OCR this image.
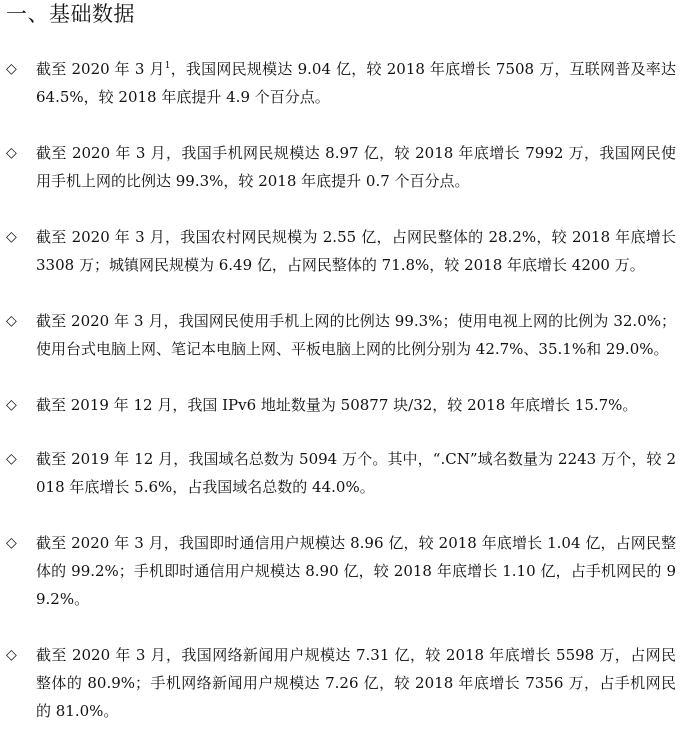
一、基础数据
◇	截至 2020 年 3 月$^1$，我国网民规模达 9.04 亿，较 2018 年底增长 7508 万，互联网普及率达 64.5%，较 2018 年底提升 4.9 个百分点。
◇	截至 2020 年 3 月，我国手机网民规模达 8.97 亿，较 2018 年底增长 7992 万，我国网民使用手机上网的比例达 99.3%，较 2018 年底提升 0.7 个百分点。
◇	截至 2020 年 3 月，我国农村网民规模为 2.55 亿，占网民整体的 28.2%，较 2018 年底增长 3308 万；城镇网民规模为 6.49 亿，占网民整体的 71.8%，较 2018 年底增长 4200 万。
◇	截至 2020 年 3 月，我国网民使用手机上网的比例达 99.3%；使用电视上网的比例为 32.0%；使用台式电脑上网、笔记本电脑上网、平板电脑上网的比例分别为 42.7%、35.1%和 29.0%。
◇	截至 2019 年 12 月，我国 IPv6 地址数量为 50877 块/32，较 2018 年底增长 15.7%。
◇	截至 2019 年 12 月，我国域名总数为 5094 万个。其中，“.CN”域名数量为 2243 万个，较 2018 年底增长 5.6%，占我国域名总数的 44.0%。
◇	截至 2020 年 3 月，我国即时通信用户规模达 8.96 亿，较 2018 年底增长 1.04 亿，占网民整体的 99.2%；手机即时通信用户规模达 8.90 亿，较 2018 年底增长 1.10 亿，占手机网民的 99.2%。
◇	截至 2020 年 3 月，我国网络新闻用户规模达 7.31 亿，较 2018 年底增长 5598 万，占网民整体的 80.9%；手机网络新闻用户规模达 7.26 亿，较 2018 年底增长 7356 万，占手机网民的 81.0%。
